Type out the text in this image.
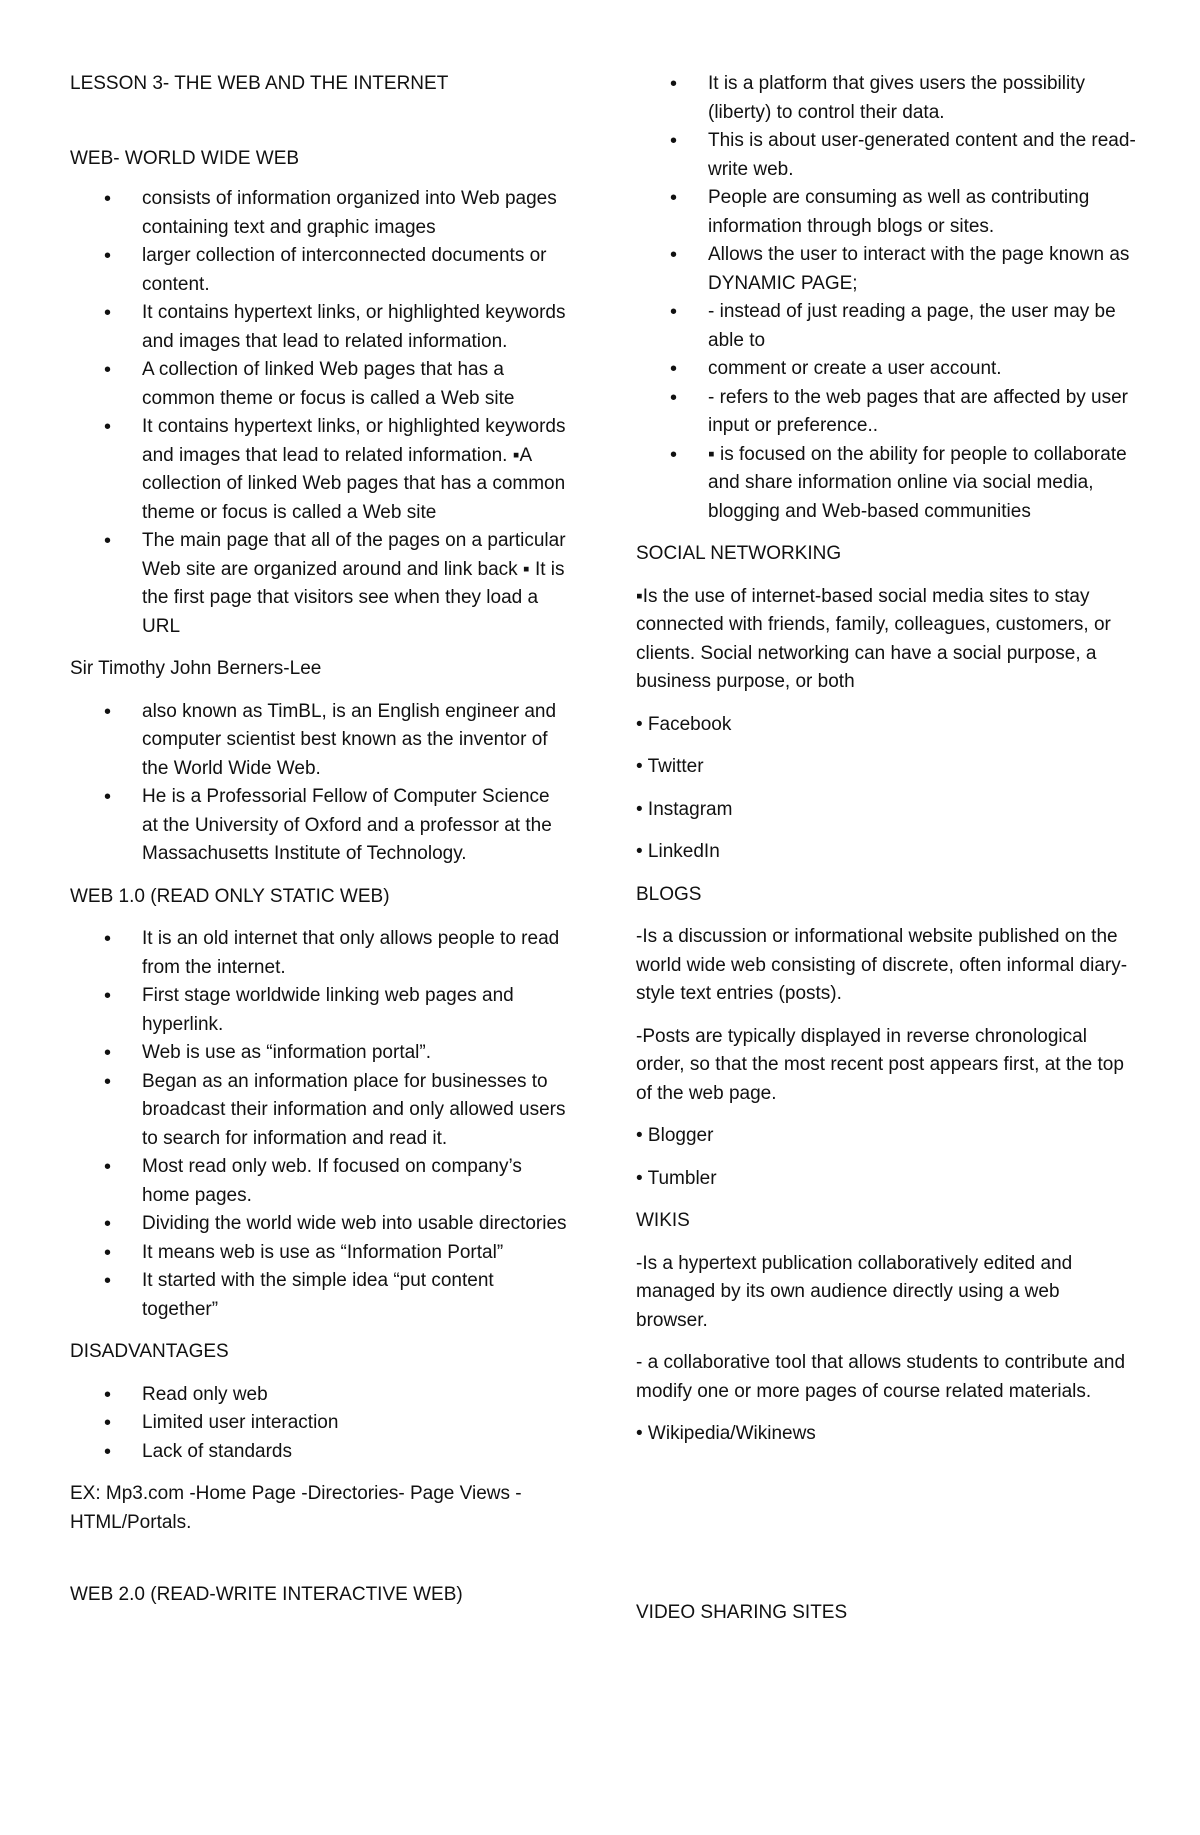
LESSON 3- THE WEB AND THE INTERNET

WEB- WORLD WIDE WEB

• consists of information organized into Web pages containing text and graphic images
• larger collection of interconnected documents or content.
• It contains hypertext links, or highlighted keywords and images that lead to related information.
• A collection of linked Web pages that has a common theme or focus is called a Web site
• It contains hypertext links, or highlighted keywords and images that lead to related information. ▪A collection of linked Web pages that has a common theme or focus is called a Web site
• The main page that all of the pages on a particular Web site are organized around and link back ▪ It is the first page that visitors see when they load a URL

Sir Timothy John Berners-Lee

• also known as TimBL, is an English engineer and computer scientist best known as the inventor of the World Wide Web.
• He is a Professorial Fellow of Computer Science at the University of Oxford and a professor at the Massachusetts Institute of Technology.

WEB 1.0 (READ ONLY STATIC WEB)

• It is an old internet that only allows people to read from the internet.
• First stage worldwide linking web pages and hyperlink.
• Web is use as “information portal”.
• Began as an information place for businesses to broadcast their information and only allowed users to search for information and read it.
• Most read only web. If focused on company’s home pages.
• Dividing the world wide web into usable directories
• It means web is use as “Information Portal”
• It started with the simple idea “put content together”

DISADVANTAGES

• Read only web
• Limited user interaction
• Lack of standards

EX: Mp3.com -Home Page -Directories- Page Views - HTML/Portals.

WEB 2.0 (READ-WRITE INTERACTIVE WEB)

• It is a platform that gives users the possibility (liberty) to control their data.
• This is about user-generated content and the read-write web.
• People are consuming as well as contributing information through blogs or sites.
• Allows the user to interact with the page known as
DYNAMIC PAGE;
• - instead of just reading a page, the user may be able to
• comment or create a user account.
• - refers to the web pages that are affected by user input or preference..
• ▪ is focused on the ability for people to collaborate and share information online via social media, blogging and Web-based communities

SOCIAL NETWORKING

▪Is the use of internet-based social media sites to stay connected with friends, family, colleagues, customers, or clients. Social networking can have a social purpose, a business purpose, or both

• Facebook

• Twitter

• Instagram

• LinkedIn

BLOGS

-Is a discussion or informational website published on the world wide web consisting of discrete, often informal diary-style text entries (posts).

-Posts are typically displayed in reverse chronological order, so that the most recent post appears first, at the top of the web page.

• Blogger

• Tumbler

WIKIS

-Is a hypertext publication collaboratively edited and managed by its own audience directly using a web browser.

- a collaborative tool that allows students to contribute and modify one or more pages of course related materials.

• Wikipedia/Wikinews

VIDEO SHARING SITES
